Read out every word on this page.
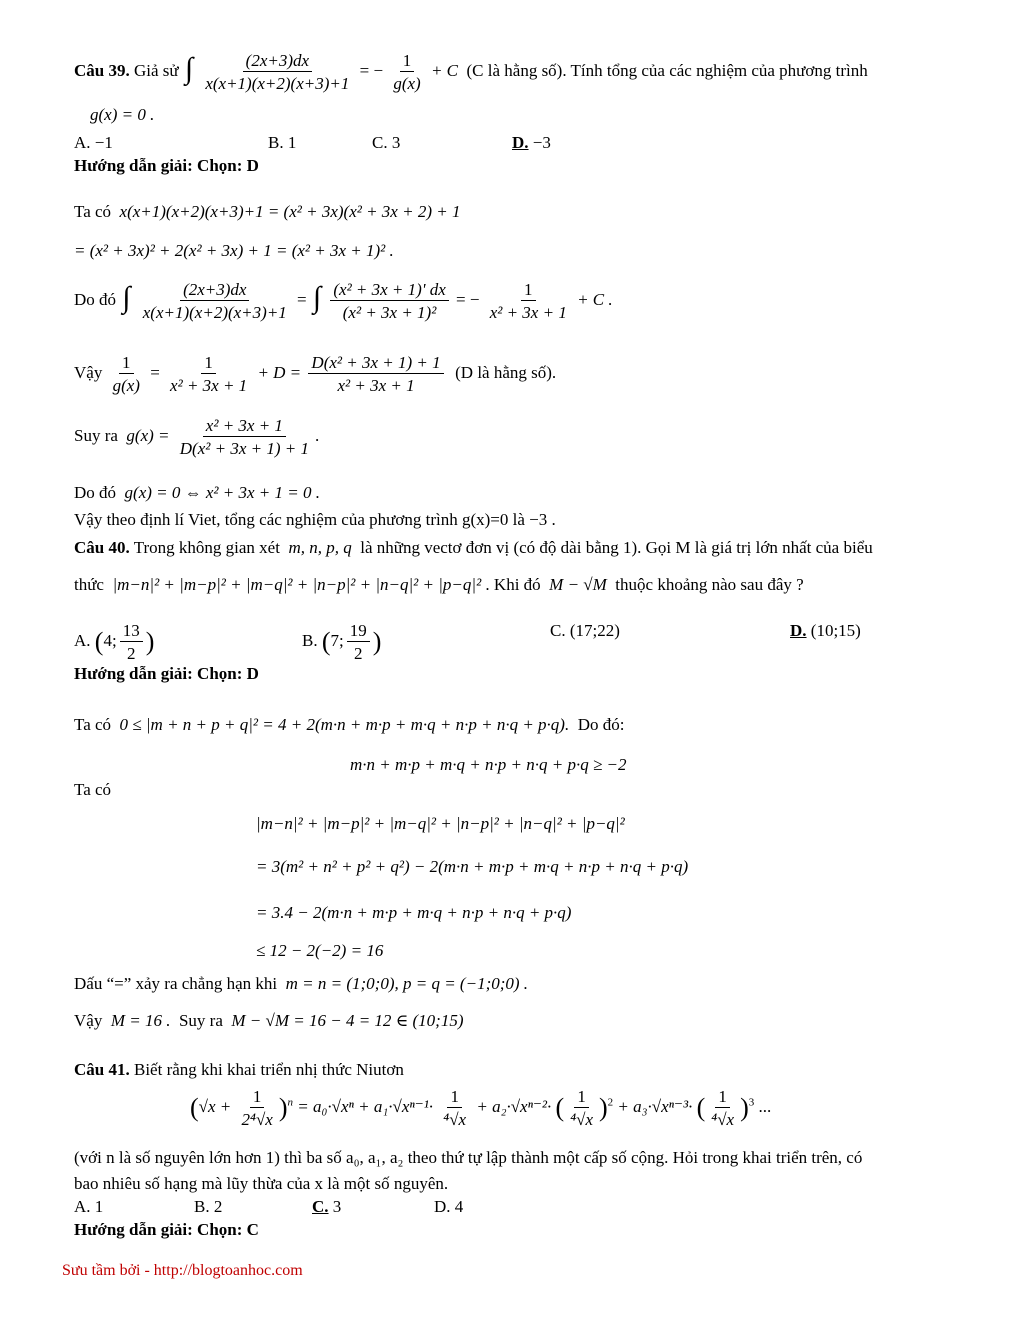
Câu 39. Giả sử ∫ $\frac{(2x+3)dx}{x(x+1)(x+2)(x+3)+1}$ = − $\frac{1}{g(x)} + C$ (C là hằng số). Tính tổng của các nghiệm của phương trình
g(x) = 0 .
A. −1	B. 1	C. 3	D. −3
Hướng dẫn giải: Chọn: D
Ta có x(x+1)(x+2)(x+3)+1 = (x² + 3x)(x² + 3x + 2) + 1
= (x² + 3x)² + 2(x² + 3x) + 1 = (x² + 3x + 1)² .
Do đó ∫ $\frac{(2x+3)dx}{x(x+1)(x+2)(x+3)+1}$ = ∫ $\frac{\text{(x² + 3x + 1)' dx}}{\text{(x² + 3x + 1)²}}$ = − $\frac{1}{\text{x² + 3x + 1}} + C$ .
Vậy $\frac{1}{g(x)} = \frac{1}{\text{x² + 3x + 1}} + D = \frac{\text{D(x² + 3x + 1) + 1}}{\text{x² + 3x + 1}} (D$ là hằng số).
Suy ra $g(x) = \frac{\text{x² + 3x + 1}}{\text{D(x² + 3x + 1) + 1}}$ .
Do đó g(x) = 0 ⇔ x² + 3x + 1 = 0 .
Vậy theo định lí Viet, tổng các nghiệm của phương trình g(x)=0 là −3 .
Câu 40. Trong không gian xét m, n, p, q là những vectơ đơn vị (có độ dài bằng 1). Gọi M là giá trị lớn nhất của biểu
thức |m−n|² + |m−p|² + |m−q|² + |n−p|² + |n−q|² + |p−q|² . Khi đó M − √M thuộc khoảng nào sau đây ?
A. (4; $\frac{13}{2}$ )	B. (7; $\frac{19}{2}$ )	C. (17;22)	D. (10;15)
Hướng dẫn giải: Chọn: D
Ta có 0 ≤ |m + n + p + q|² = 4 + 2(m·n + m·p + m·q + n·p + n·q + p·q). Do đó:
m·n + m·p + m·q + n·p + n·q + p·q ≥ −2
Ta có
|m−n|² + |m−p|² + |m−q|² + |n−p|² + |n−q|² + |p−q|²
= 3(m² + n² + p² + q²) − 2(m·n + m·p + m·q + n·p + n·q + p·q)
= 3.4 − 2(m·n + m·p + m·q + n·p + n·q + p·q)
≤ 12 − 2(−2) = 16
Dấu “=” xảy ra chẳng hạn khi m = n = (1;0;0), p = q = (−1;0;0) .
Vậy M = 16 . Suy ra M − √M = 16 − 4 = 12 ∈ (10;15)
Câu 41. Biết rằng khi khai triển nhị thức Niutơn
$(√x + \frac{1}{\text{2⁴√x}} )^n = a_0\cdot√x^n + a_1\cdot√x^{n-1}\cdot \frac{1}{\text{⁴√x}} + a_2\cdot√x^{n-2}\cdot$ ( $\frac{1}{\text{⁴√x}} )^2 + a_3\cdot√x^{n-3}\cdot$ ( $\frac{1}{\text{⁴√x}} )^3$ ...
(với n là số nguyên lớn hơn 1) thì ba số a₀, a₁, a₂ theo thứ tự lập thành một cấp số cộng. Hỏi trong khai triển trên, có
bao nhiêu số hạng mà lũy thừa của x là một số nguyên.
A. 1	B. 2	C. 3	D. 4
Hướng dẫn giải: Chọn: C
Sưu tầm bởi - http://blogtoanhoc.com
